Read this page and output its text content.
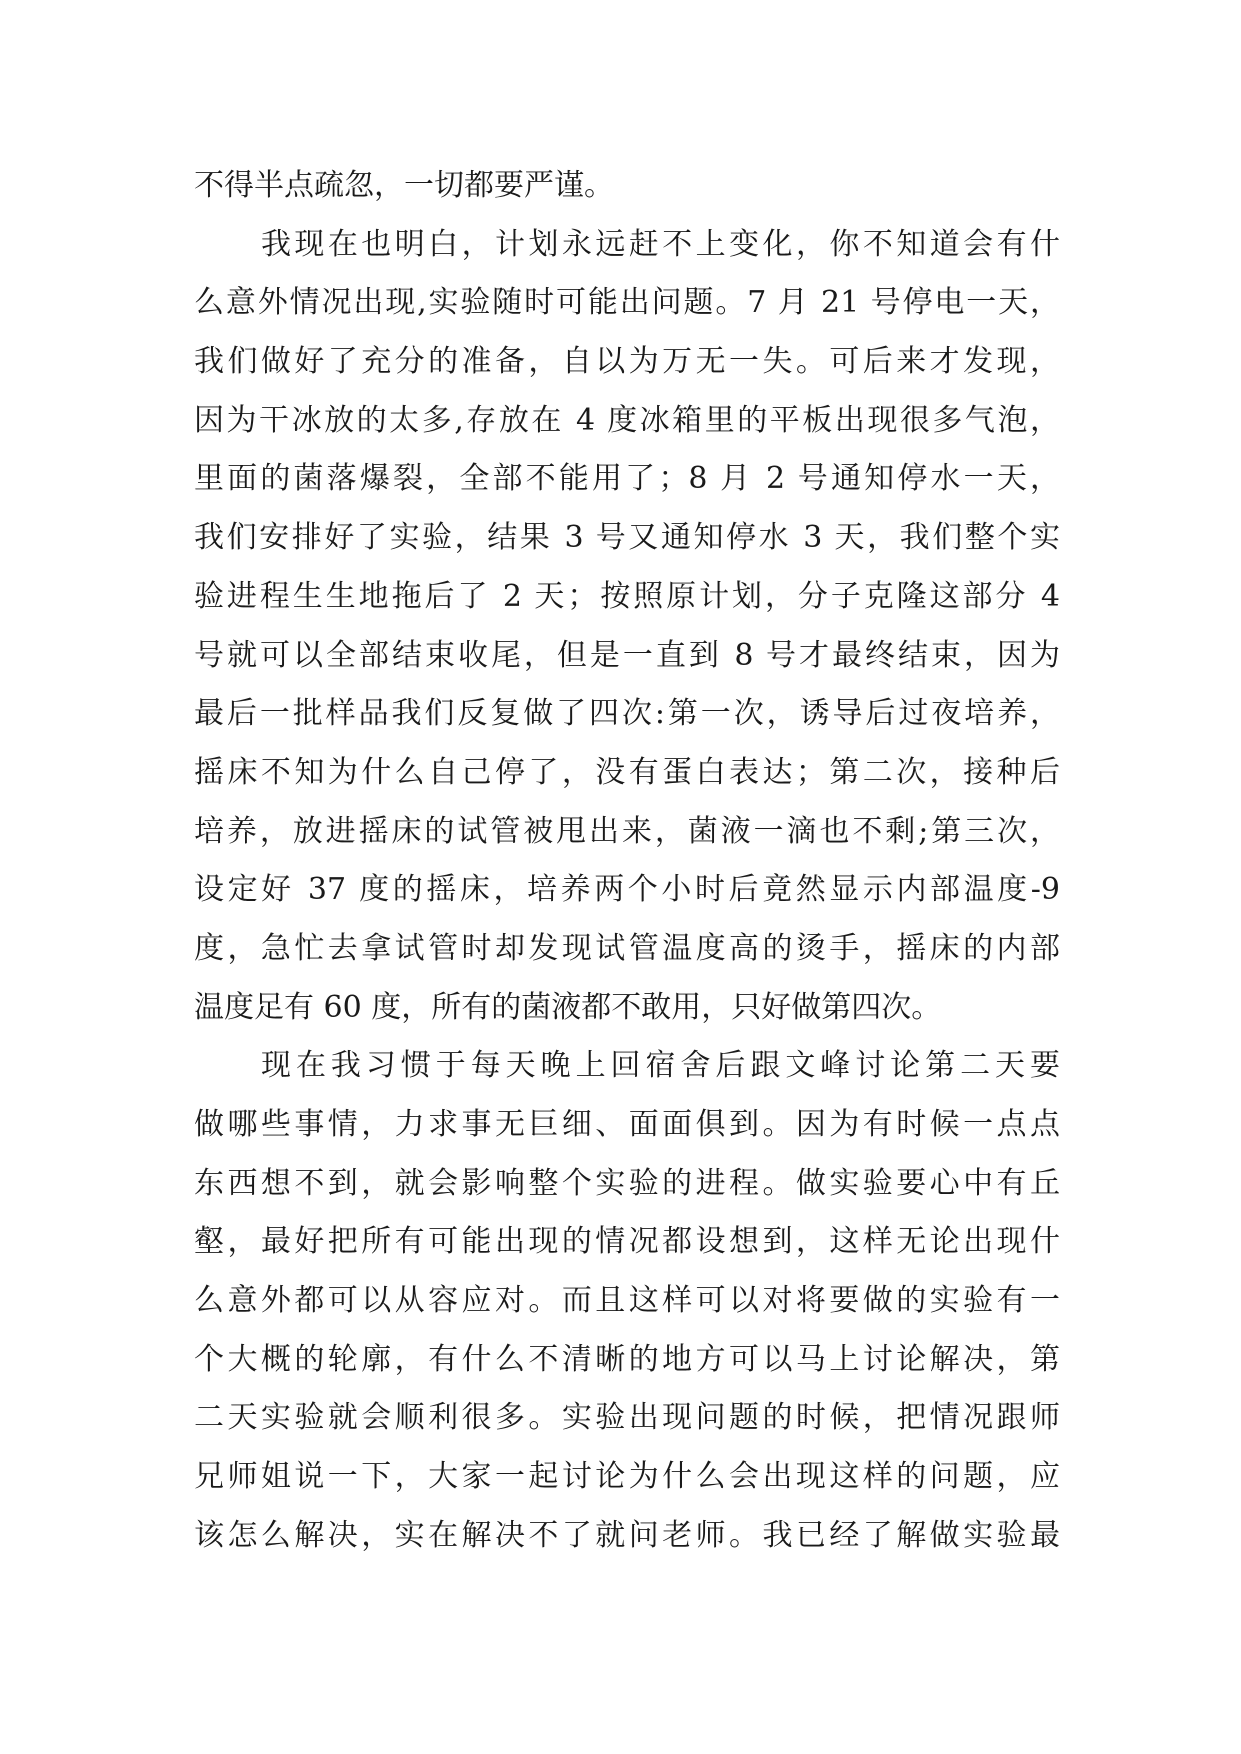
不得半点疏忽，一切都要严谨。
我现在也明白，计划永远赶不上变化，你不知道会有什
么意外情况出现,实验随时可能出问题。7 月 21 号停电一天，
我们做好了充分的准备，自以为万无一失。可后来才发现，
因为干冰放的太多,存放在 4 度冰箱里的平板出现很多气泡，
里面的菌落爆裂，全部不能用了；8 月 2 号通知停水一天，
我们安排好了实验，结果 3 号又通知停水 3 天，我们整个实
验进程生生地拖后了 2 天；按照原计划，分子克隆这部分 4
号就可以全部结束收尾，但是一直到 8 号才最终结束，因为
最后一批样品我们反复做了四次:第一次，诱导后过夜培养，
摇床不知为什么自己停了，没有蛋白表达；第二次，接种后
培养，放进摇床的试管被甩出来，菌液一滴也不剩;第三次，
设定好 37 度的摇床，培养两个小时后竟然显示内部温度-9
度，急忙去拿试管时却发现试管温度高的烫手，摇床的内部
温度足有 60 度，所有的菌液都不敢用，只好做第四次。
现在我习惯于每天晚上回宿舍后跟文峰讨论第二天要
做哪些事情，力求事无巨细、面面俱到。因为有时候一点点
东西想不到，就会影响整个实验的进程。做实验要心中有丘
壑，最好把所有可能出现的情况都设想到，这样无论出现什
么意外都可以从容应对。而且这样可以对将要做的实验有一
个大概的轮廓，有什么不清晰的地方可以马上讨论解决，第
二天实验就会顺利很多。实验出现问题的时候，把情况跟师
兄师姐说一下，大家一起讨论为什么会出现这样的问题，应
该怎么解决，实在解决不了就问老师。我已经了解做实验最
